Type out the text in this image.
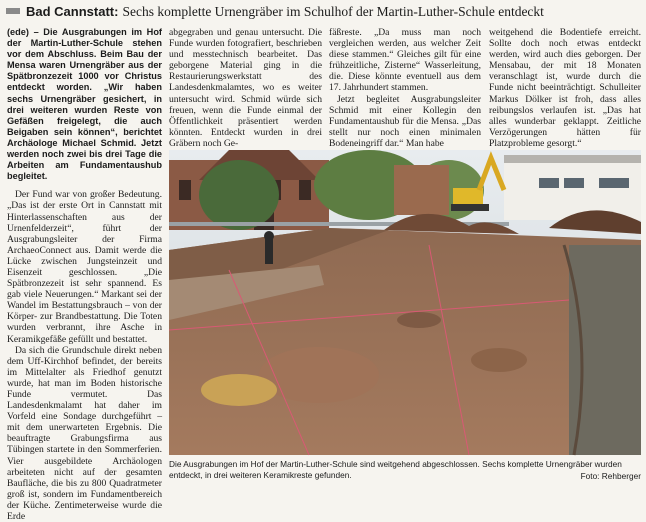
Bad Cannstatt: Sechs komplette Urnengräber im Schulhof der Martin-Luther-Schule entdeckt

(ede) – Die Ausgrabungen im Hof der Martin-Luther-Schule stehen vor dem Abschluss. Beim Bau der Mensa waren Urnengräber aus der Spätbronzezeit 1000 vor Christus entdeckt worden. „Wir haben sechs Urnengräber gesichert, in drei weiteren wurden Reste von Gefäßen freigelegt, die auch Beigaben sein können“, berichtet Archäologe Michael Schmid. Jetzt werden noch zwei bis drei Tage die Arbeiten am Fundamentaushub begleitet.

Der Fund war von großer Bedeutung. „Das ist der erste Ort in Cannstatt mit Hinterlassenschaften aus der Urnenfelderzeit“, führt der Ausgrabungsleiter der Firma ArchaeoConnect aus. Damit werde die Lücke zwischen Jungsteinzeit und Eisenzeit geschlossen. „Die Spätbronzezeit ist sehr spannend. Es gab viele Neuerungen.“ Markant sei der Wandel im Bestattungsbrauch – von der Körper- zur Brandbestattung. Die Toten wurden verbrannt, ihre Asche in Keramikgefäße gefüllt und bestattet.

Da sich die Grundschule direkt neben dem Uff-Kirchhof befindet, der bereits im Mittelalter als Friedhof genutzt wurde, hat man im Boden historische Funde vermutet. Das Landesdenkmalamt hat daher im Vorfeld eine Sondage durchgeführt – mit dem unerwarteten Ergebnis. Die beauftragte Grabungsfirma aus Tübingen startete in den Sommerferien. Vier ausgebildete Archäologen arbeiteten nicht auf der gesamten Baufläche, die bis zu 800 Quadratmeter groß ist, sondern im Fundamentbereich der Küche. Zentimeterweise wurde die Erde

abgegraben und genau untersucht. Die Funde wurden fotografiert, beschrieben und messtechnisch bearbeitet. Das geborgene Material ging in die Restaurierungswerkstatt des Landesdenkmalamtes, wo es weiter untersucht wird. Schmid würde sich freuen, wenn die Funde einmal der Öffentlichkeit präsentiert werden könnten. Entdeckt wurden in drei Gräbern noch Ge-

fäßreste. „Da muss man noch vergleichen werden, aus welcher Zeit diese stammen.“ Gleiches gilt für eine frühzeitliche, Zisterne“ Wasserleitung, die. Diese könnte eventuell aus dem 17. Jahrhundert stammen.

Jetzt begleitet Ausgrabungsleiter Schmid mit einer Kollegin den Fundamentaushub für die Mensa. „Das stellt nur noch einen minimalen Bodeneingriff dar.“ Man habe

weitgehend die Bodentiefe erreicht. Sollte doch noch etwas entdeckt werden, wird auch dies geborgen. Der Mensabau, der mit 18 Monaten veranschlagt ist, wurde durch die Funde nicht beeinträchtigt. Schulleiter Markus Dölker ist froh, dass alles reibungslos verlaufen ist. „Das hat alles wunderbar geklappt. Zeitliche Verzögerungen hätten für Platzprobleme gesorgt.“

Die Ausgrabungen im Hof der Martin-Luther-Schule sind weitgehend abgeschlossen. Sechs komplette Urnengräber wurden entdeckt, in drei weiteren Keramikreste gefunden.	Foto: Rehberger
